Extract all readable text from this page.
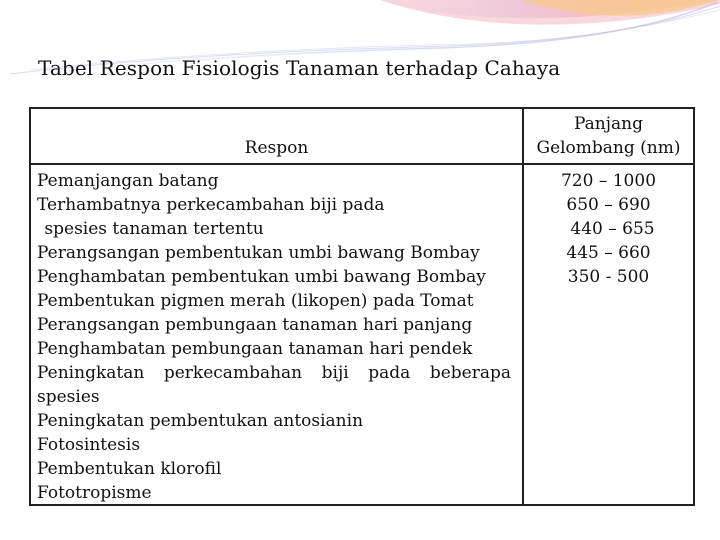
Tabel Respon Fisiologis Tanaman terhadap Cahaya
Respon
Panjang
Gelombang (nm)
Pemanjangan batang
Terhambatnya perkecambahan biji pada
spesies tanaman tertentu
Perangsangan pembentukan umbi bawang Bombay
Penghambatan pembentukan umbi bawang Bombay
Pembentukan pigmen merah (likopen) pada Tomat
Perangsangan pembungaan tanaman hari panjang
Penghambatan pembungaan tanaman hari pendek
Peningkatan perkecambahan biji pada beberapa
spesies
Peningkatan pembentukan antosianin
Fotosintesis
Pembentukan klorofil
Fototropisme
720 – 1000
650 – 690
440 – 655
445 – 660
350 - 500
